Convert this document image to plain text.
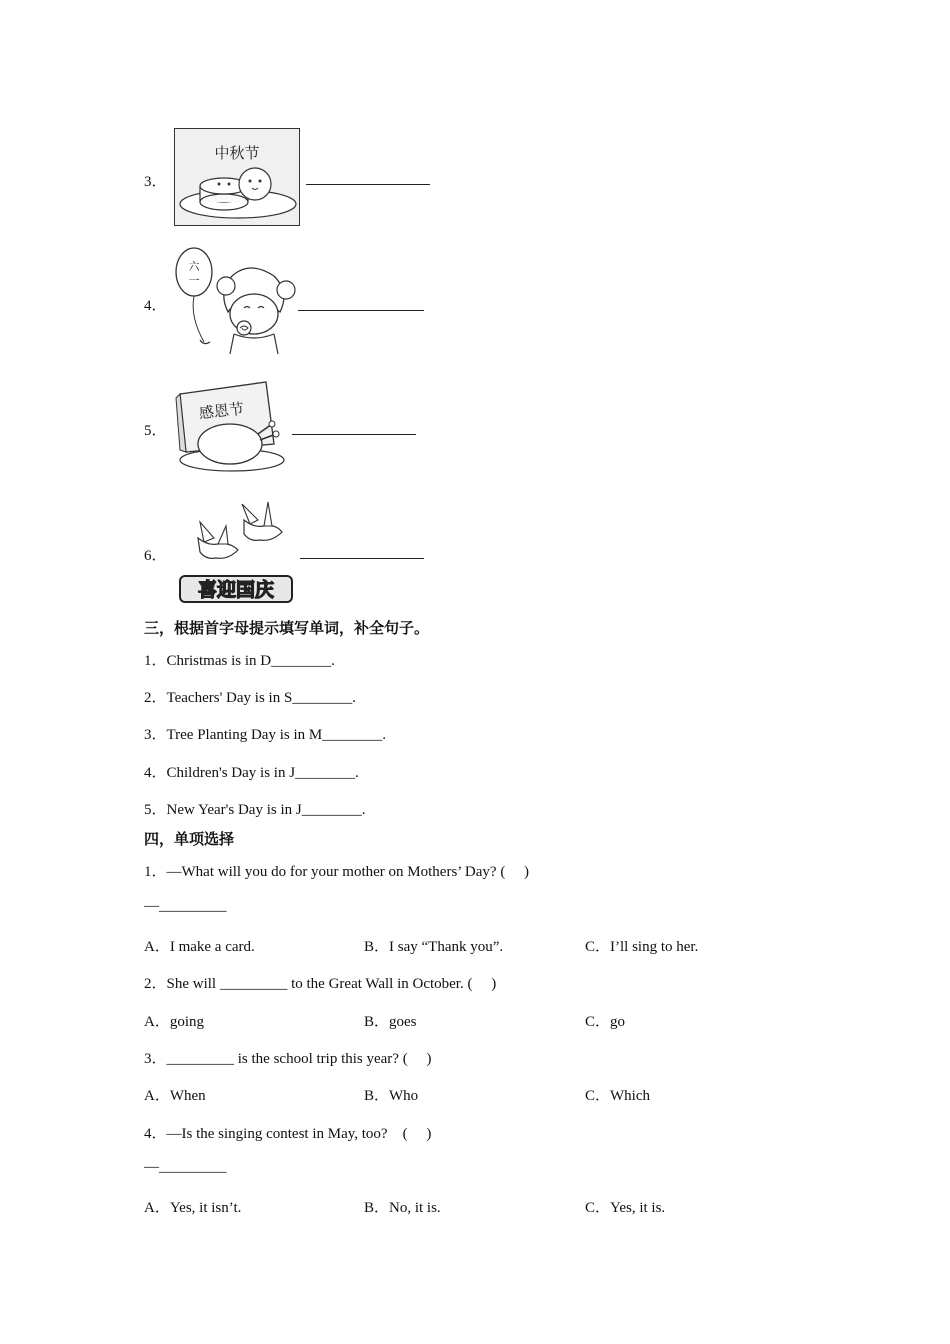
3．
中秋节
4．
六
一
5．
感恩节
6．
喜迎国庆
三，根据首字母提示填写单词，补全句子。
1．Christmas is in D________.
2．Teachers' Day is in S________.
3．Tree Planting Day is in M________.
4．Children's Day is in J________.
5．New Year's Day is in J________.
四，单项选择
1．—What will you do for your mother on Mothers’ Day? (     )
—_________
A．I make a card.	B．I say “Thank you”.	C．I’ll sing to her.
2．She will _________ to the Great Wall in October. (     )
A．going	B．goes	C．go
3．_________ is the school trip this year? (     )
A．When	B．Who	C．Which
4．—Is the singing contest in May, too?    (     )
—_________
A．Yes, it isn’t.	B．No, it is.	C．Yes, it is.
